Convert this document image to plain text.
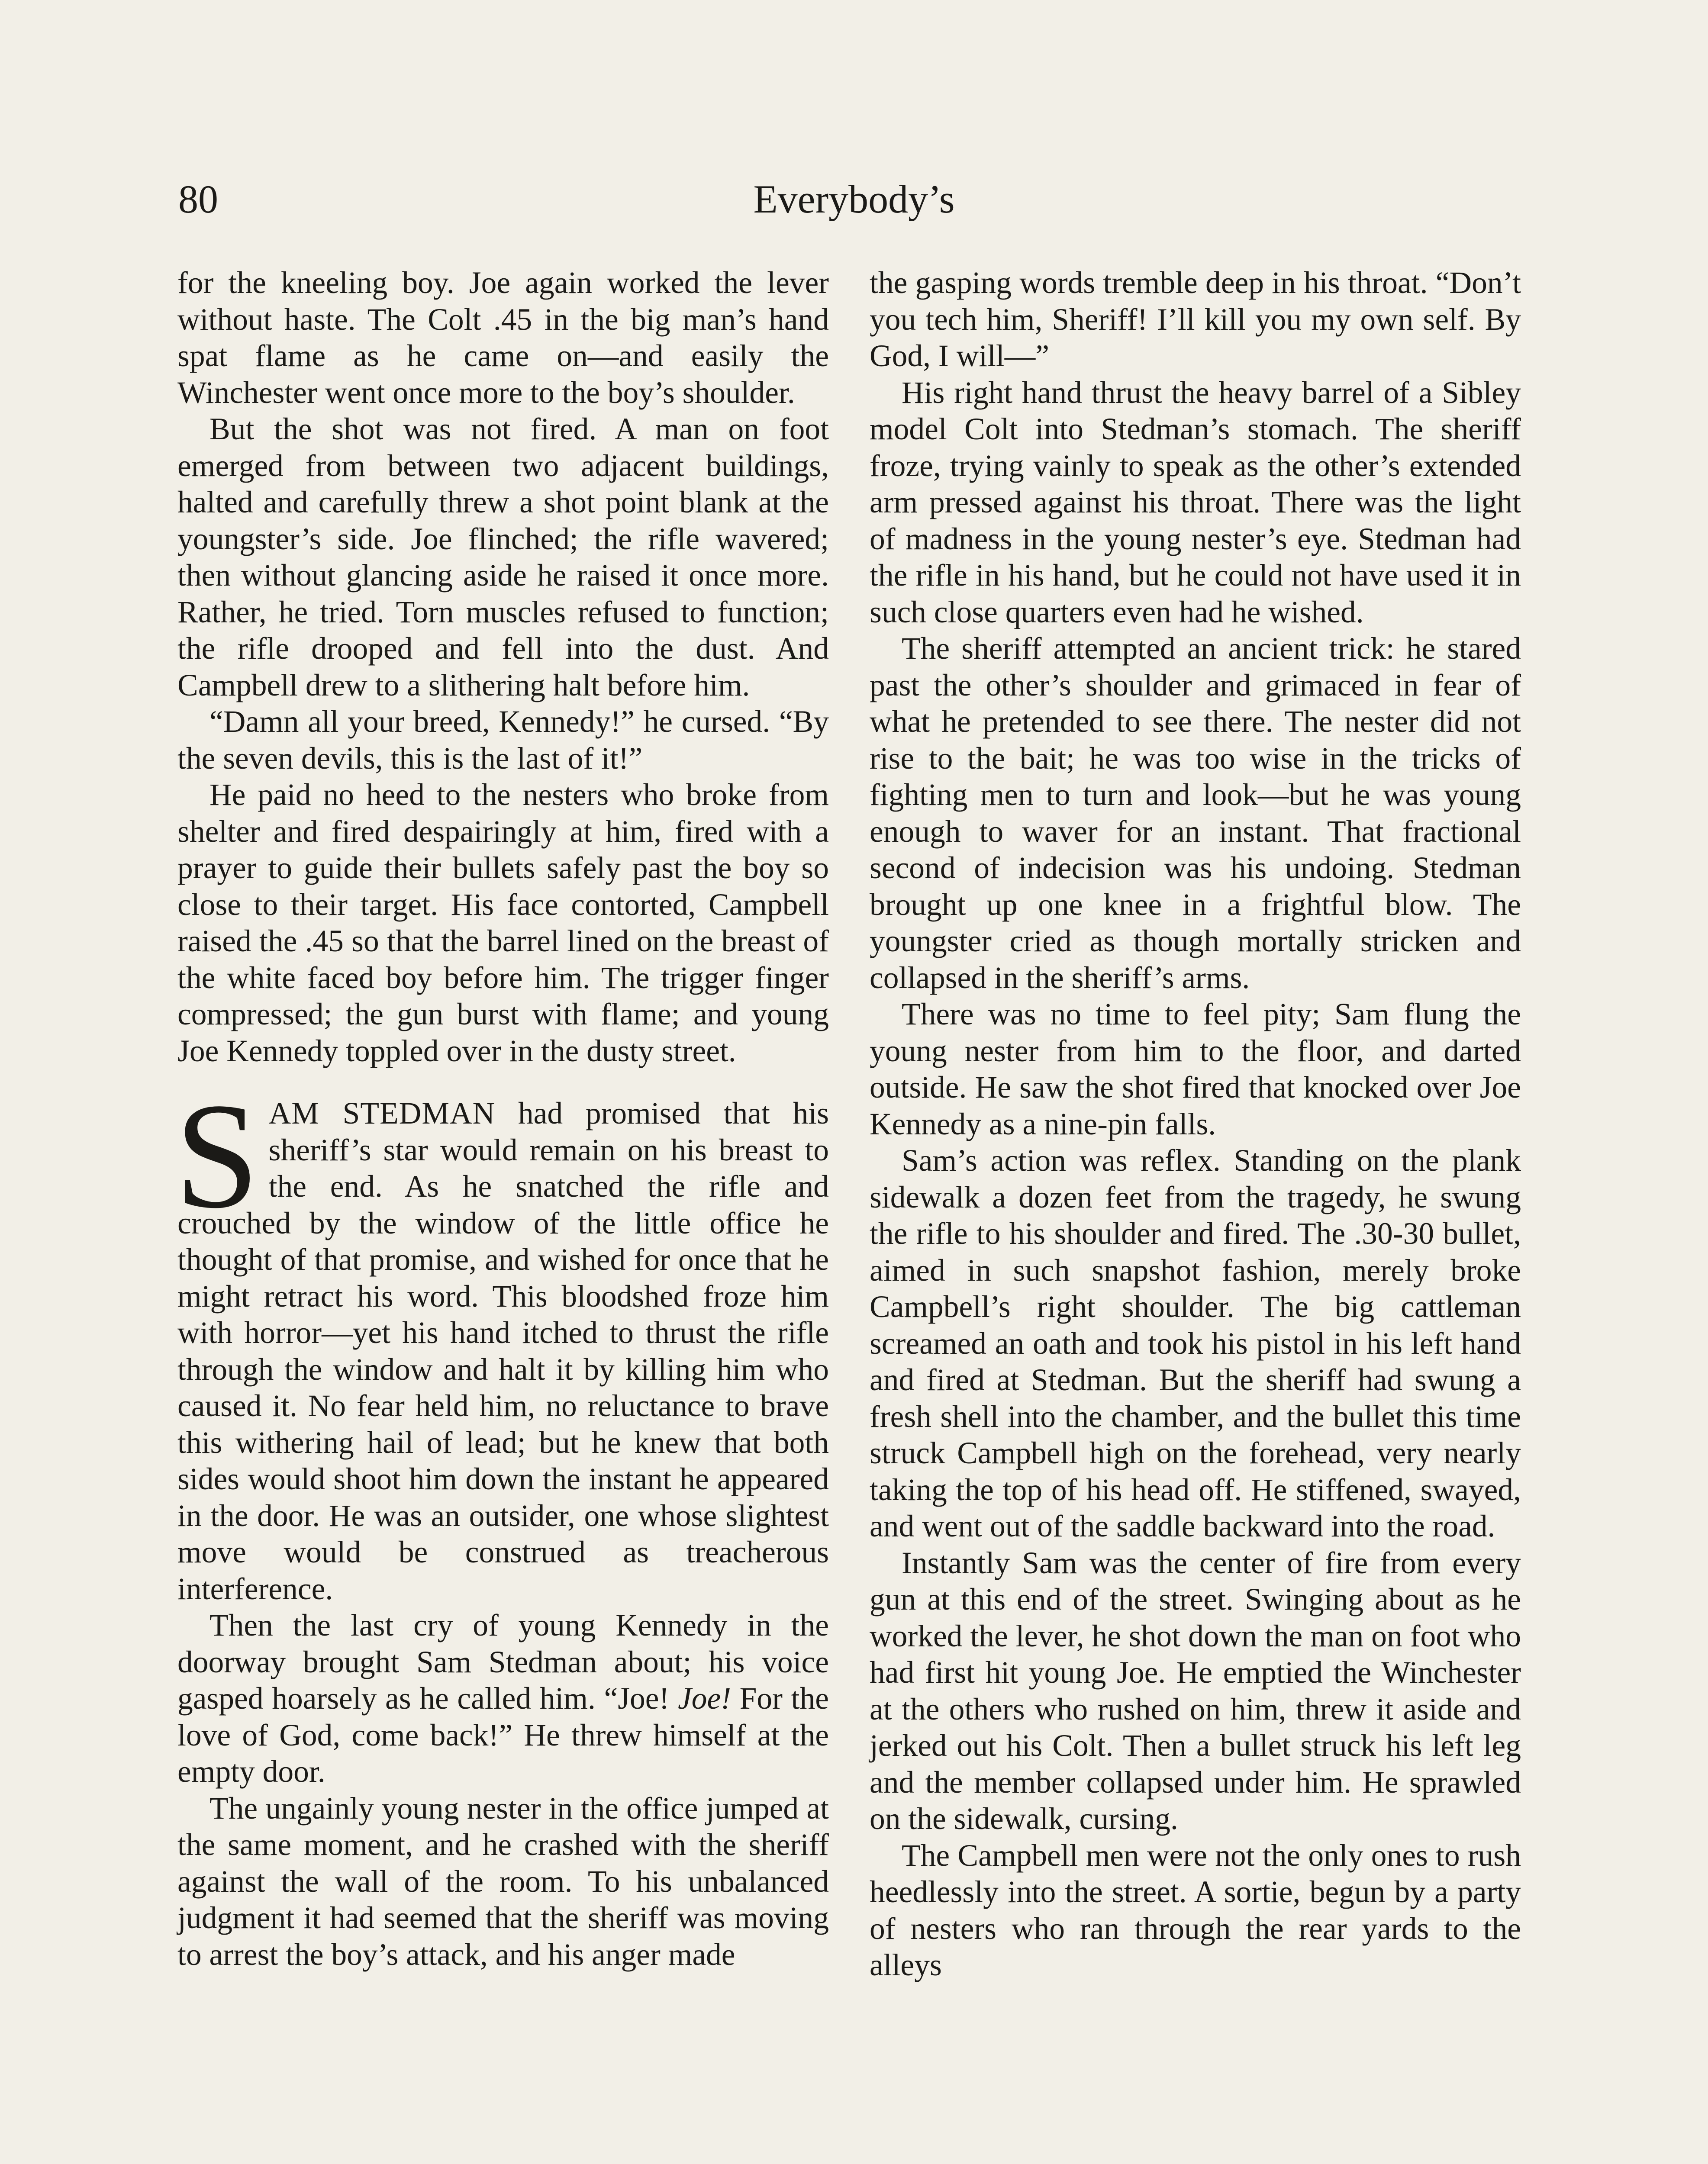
80	Everybody’s

for the kneeling boy. Joe again worked the lever without haste. The Colt .45 in the big man’s hand spat flame as he came on—and easily the Winchester went once more to the boy’s shoulder.

But the shot was not fired. A man on foot emerged from between two adjacent buildings, halted and carefully threw a shot point blank at the youngster’s side. Joe flinched; the rifle wavered; then without glancing aside he raised it once more. Rather, he tried. Torn muscles refused to function; the rifle drooped and fell into the dust. And Campbell drew to a slithering halt before him.

“Damn all your breed, Kennedy!” he cursed. “By the seven devils, this is the last of it!”

He paid no heed to the nesters who broke from shelter and fired despairingly at him, fired with a prayer to guide their bullets safely past the boy so close to their target. His face contorted, Campbell raised the .45 so that the barrel lined on the breast of the white faced boy before him. The trigger finger compressed; the gun burst with flame; and young Joe Kennedy toppled over in the dusty street.

SAM STEDMAN had promised that his sheriff’s star would remain on his breast to the end. As he snatched the rifle and crouched by the window of the little office he thought of that promise, and wished for once that he might retract his word. This bloodshed froze him with horror—yet his hand itched to thrust the rifle through the window and halt it by killing him who caused it. No fear held him, no reluctance to brave this withering hail of lead; but he knew that both sides would shoot him down the instant he appeared in the door. He was an outsider, one whose slightest move would be construed as treacherous interference.

Then the last cry of young Kennedy in the doorway brought Sam Stedman about; his voice gasped hoarsely as he called him. “Joe! Joe! For the love of God, come back!” He threw himself at the empty door.

The ungainly young nester in the office jumped at the same moment, and he crashed with the sheriff against the wall of the room. To his unbalanced judgment it had seemed that the sheriff was moving to arrest the boy’s attack, and his anger made

the gasping words tremble deep in his throat. “Don’t you tech him, Sheriff! I’ll kill you my own self. By God, I will—”

His right hand thrust the heavy barrel of a Sibley model Colt into Stedman’s stomach. The sheriff froze, trying vainly to speak as the other’s extended arm pressed against his throat. There was the light of madness in the young nester’s eye. Stedman had the rifle in his hand, but he could not have used it in such close quarters even had he wished.

The sheriff attempted an ancient trick: he stared past the other’s shoulder and grimaced in fear of what he pretended to see there. The nester did not rise to the bait; he was too wise in the tricks of fighting men to turn and look—but he was young enough to waver for an instant. That fractional second of indecision was his undoing. Stedman brought up one knee in a frightful blow. The youngster cried as though mortally stricken and collapsed in the sheriff’s arms.

There was no time to feel pity; Sam flung the young nester from him to the floor, and darted outside. He saw the shot fired that knocked over Joe Kennedy as a nine-pin falls.

Sam’s action was reflex. Standing on the plank sidewalk a dozen feet from the tragedy, he swung the rifle to his shoulder and fired. The .30-30 bullet, aimed in such snapshot fashion, merely broke Campbell’s right shoulder. The big cattleman screamed an oath and took his pistol in his left hand and fired at Stedman. But the sheriff had swung a fresh shell into the chamber, and the bullet this time struck Campbell high on the forehead, very nearly taking the top of his head off. He stiffened, swayed, and went out of the saddle backward into the road.

Instantly Sam was the center of fire from every gun at this end of the street. Swinging about as he worked the lever, he shot down the man on foot who had first hit young Joe. He emptied the Winchester at the others who rushed on him, threw it aside and jerked out his Colt. Then a bullet struck his left leg and the member collapsed under him. He sprawled on the sidewalk, cursing.

The Campbell men were not the only ones to rush heedlessly into the street. A sortie, begun by a party of nesters who ran through the rear yards to the alleys
